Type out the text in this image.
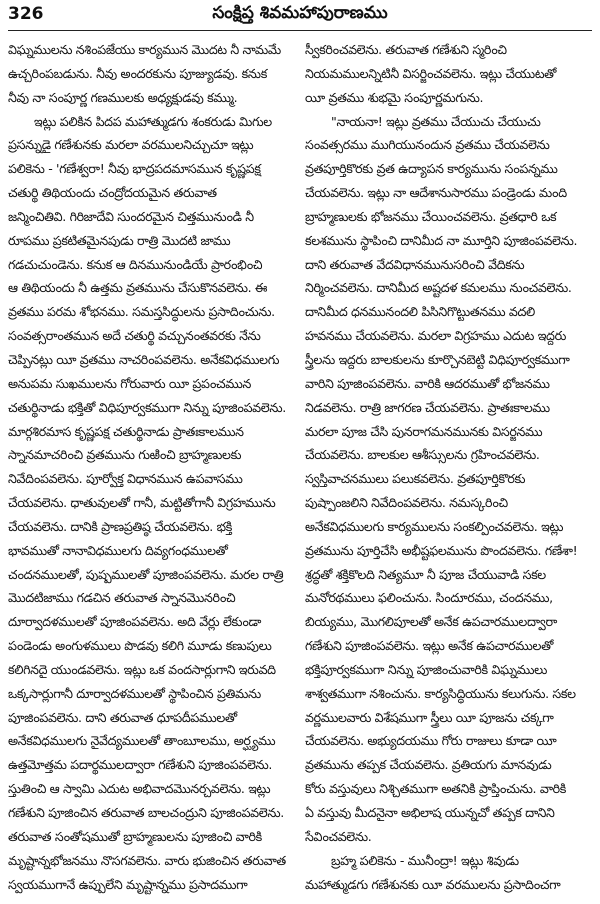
326	సంక్షిప్త శివమహాపురాణము
విఘ్నములను నశింపజేయు కార్యమున మొదట నీ నామమే
ఉచ్చరింపబడును. నీవు అందరకును పూజ్యుడవు. కనుక
నీవు నా సంపూర్ణ గణములకు అధ్యక్షుడవు కమ్ము.
ఇట్లు పలికిన పిదప మహాత్ముడగు శంకరుడు మిగుల
ప్రసన్నుడై గణేశునకు మరలా వరములనిచ్చుచూ ఇట్లు
పలికెను - 'గణేశ్వరా! నీవు భాద్రపదమాసమున కృష్ణపక్ష
చతుర్థి తిథియందు చంద్రోదయమైన తరువాత
జన్మించితివి. గిరిజాదేవి సుందరమైన చిత్తమునుండి నీ
రూపము ప్రకటితమైనపుడు రాత్రి మొదటి జాము
గడచుచుండెను. కనుక ఆ దినమునుండియే ప్రారంభించి
ఆ తిథియందు నీ ఉత్తమ వ్రతమును చేసుకొనవలెను. ఈ
వ్రతము పరమ శోభనము. సమస్తసిద్ధులను ప్రసాదించును.
సంవత్సరాంతమున అదే చతుర్థి వచ్చునంతవరకు నేను
చెప్పినట్లు యీ వ్రతము నాచరింపవలెను. అనేకవిధములగు
అనుపమ సుఖములను గోరువారు యీ ప్రపంచమున
చతుర్థినాడు భక్తితో విధిపూర్వకముగా నిన్ను పూజింపవలెను.
మార్గశిరమాస కృష్ణపక్ష చతుర్థినాడు ప్రాతఃకాలమున
స్నానమాచరించి వ్రతమును గుఱించి బ్రాహ్మణులకు
నివేదింపవలెను. పూర్వోక్త విధానమున ఉపవాసము
చేయవలెను. ధాతువులతో గానీ, మట్టితోగానీ విగ్రహమును
చేయవలెను. దానికి ప్రాణప్రతిష్ఠ చేయవలెను. భక్తి
భావముతో నానావిధములగు దివ్యగంధములతో
చందనములతో, పుష్పములతో పూజింపవలెను. మరల రాత్రి
మొదటిజాము గడచిన తరువాత స్నానమొనరించి
దూర్వాదళములతో పూజింపవలెను. అది వేర్లు లేకుండా
పండెండు అంగుళములు పొడవు కలిగి మూడు కణుపులు
కలిగినదై యుండవలెను. ఇట్లు ఒక వందసార్లుగాని ఇరువది
ఒక్కసార్లుగానీ దూర్వాదళములతో స్థాపించిన ప్రతిమను
పూజింపవలెను. దాని తరువాత ధూపదీపములతో
అనేకవిధములగు నైవేద్యములతో తాంబూలము, అర్ఘ్యము
ఉత్తమోత్తమ పదార్థములద్వారా గణేశుని పూజింపవలెను.
స్తుతించి ఆ స్వామి ఎదుట అభివాదమొనర్చవలెను. ఇట్లు
గణేశుని పూజించిన తరువాత బాలచంద్రుని పూజింపవలెను.
తరువాత సంతోషముతో బ్రాహ్మణులను పూజించి వారికి
మృష్టాన్నభోజనము నొసగవలెను. వారు భుజించిన తరువాత
స్వయముగానే ఉప్పులేని మృష్టాన్నము ప్రసాదముగా
స్వీకరించవలెను. తరువాత గణేశుని స్మరించి
నియమములన్నిటినీ విసర్జించవలెను. ఇట్లు చేయుటతో
యీ వ్రతము శుభమై సంపూర్ణమగును.
"నాయనా! ఇట్లు వ్రతము చేయుచు చేయుచు
సంవత్సరము ముగియునందున వ్రతము చేయవలెను
వ్రతపూర్తికొరకు వ్రత ఉద్యాపన కార్యమును సంపన్నము
చేయవలెను. ఇట్లు నా ఆదేశానుసారము పండ్రెండు మంది
బ్రాహ్మణులకు భోజనము చేయించవలెను. వ్రతధారి ఒక
కలశమును స్థాపించి దానిమీద నా మూర్తిని పూజింపవలెను.
దాని తరువాత వేదవిధానమునుసరించి వేదికను
నిర్మించవలెను. దానిమీద అష్టదళ కమలము నుంచవలెను.
దానిమీద ధనమునందలి పిసినిగొట్టుతనము వదలి
హవనము చేయవలెను. మరలా విగ్రహము ఎదుట ఇద్దరు
స్త్రీలను ఇద్దరు బాలకులను కూర్చొనబెట్టి విధిపూర్వకముగా
వారిని పూజింపవలెను. వారికి ఆదరముతో భోజనము
నిడవలెను. రాత్రి జాగరణ చేయవలెను. ప్రాతఃకాలము
మరలా పూజ చేసి పునరాగమనమునకు విసర్జనము
చేయవలెను. బాలకుల ఆశీస్సులను గ్రహించవలెను.
స్వస్తివాచనములు పలుకవలెను. వ్రతపూర్తికొరకు
పుష్పాంజలిని నివేదింపవలెను. నమస్కరించి
అనేకవిధములగు కార్యములను సంకల్పించవలెను. ఇట్లు
వ్రతమును పూర్తిచేసి అభీష్టఫలమును పొందవలెను. గణేశా!
శ్రద్ధతో శక్తికొలది నిత్యమూ నీ పూజ చేయువాడి సకల
మనోరథములు ఫలించును. సిందూరము, చందనము,
బియ్యము, మొగలిపూలతో అనేక ఉపచారములద్వారా
గణేశుని పూజింపవలెను. ఇట్లు అనేక ఉపచారములతో
భక్తిపూర్వకముగా నిన్ను పూజించువారికి విఘ్నములు
శాశ్వతముగా నశించును. కార్యసిద్ధియును కలుగును. సకల
వర్ణములవారు విశేషముగా స్త్రీలు యీ పూజను చక్కగా
చేయవలెను. అభ్యుదయము గోరు రాజులు కూడా యీ
వ్రతమును తప్పక చేయవలెను. వ్రతియగు మానవుడు
కోరు వస్తువులు నిశ్చితముగా అతనికి ప్రాప్తించును. వారికి
ఏ వస్తువు మీదనైనా అభిలాష యున్నచో తప్పక దానిని
సేవించవలెను.
బ్రహ్మ పలికెను - మునీంద్రా! ఇట్లు శివుడు
మహాత్ముడగు గణేశునకు యీ వరములను ప్రసాదించగా
